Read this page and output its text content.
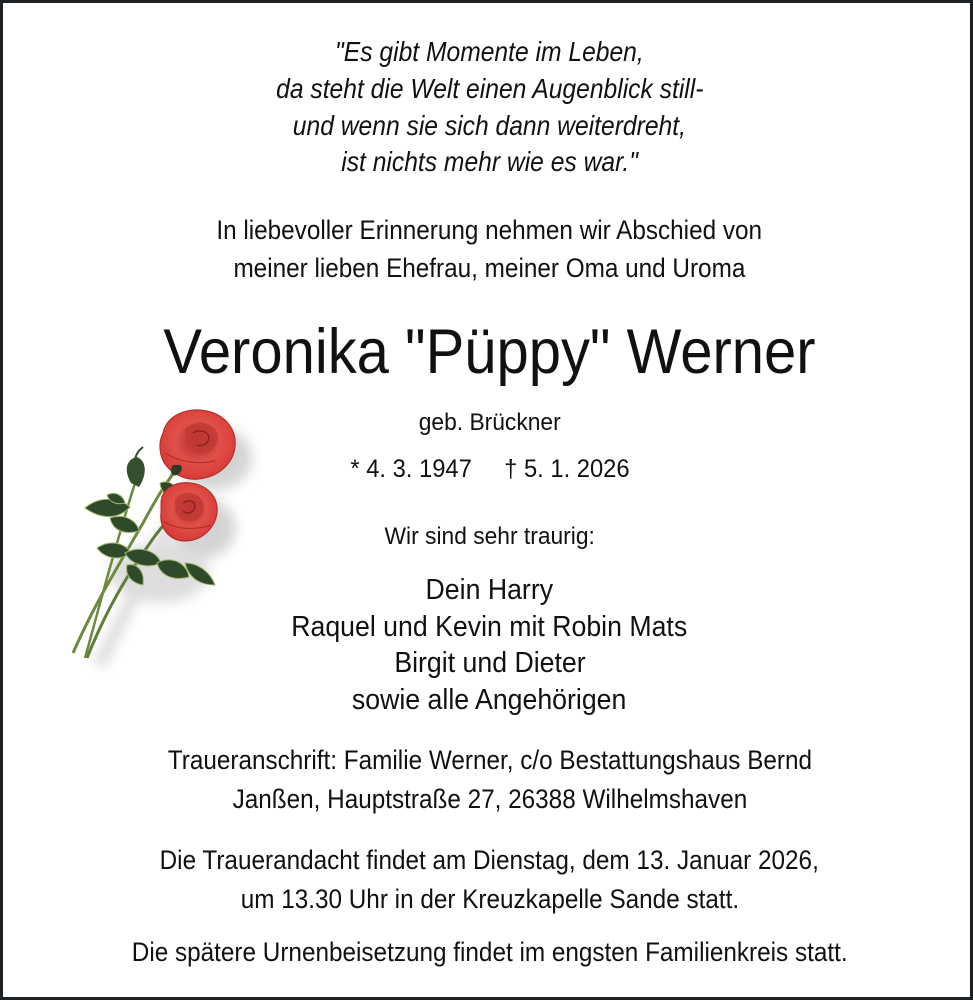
"Es gibt Momente im Leben,
da steht die Welt einen Augenblick still-
und wenn sie sich dann weiterdreht,
ist nichts mehr wie es war."
In liebevoller Erinnerung nehmen wir Abschied von
meiner lieben Ehefrau, meiner Oma und Uroma
Veronika "Püppy" Werner
geb. Brückner
* 4. 3. 1947 † 5. 1. 2026
Wir sind sehr traurig:
Dein Harry
Raquel und Kevin mit Robin Mats
Birgit und Dieter
sowie alle Angehörigen
Traueranschrift: Familie Werner, c/o Bestattungshaus Bernd
Janßen, Hauptstraße 27, 26388 Wilhelmshaven
Die Trauerandacht findet am Dienstag, dem 13. Januar 2026,
um 13.30 Uhr in der Kreuzkapelle Sande statt.
Die spätere Urnenbeisetzung findet im engsten Familienkreis statt.
